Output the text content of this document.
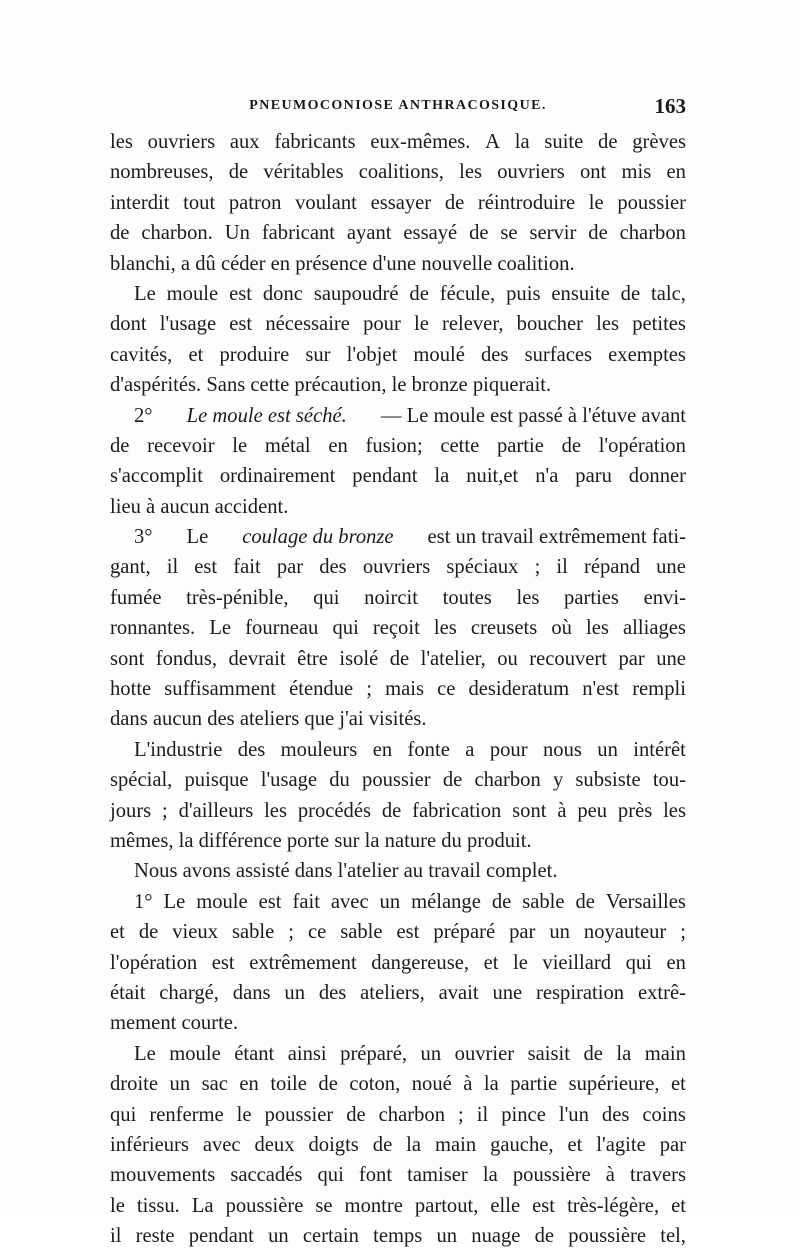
PNEUMOCONIOSE ANTHRACOSIQUE.	163
les ouvriers aux fabricants eux-mêmes. A la suite de grèves
nombreuses, de véritables coalitions, les ouvriers ont mis en
interdit tout patron voulant essayer de réintroduire le poussier
de charbon. Un fabricant ayant essayé de se servir de charbon
blanchi, a dû céder en présence d'une nouvelle coalition.
Le moule est donc saupoudré de fécule, puis ensuite de talc,
dont l'usage est nécessaire pour le relever, boucher les petites
cavités, et produire sur l'objet moulé des surfaces exemptes
d'aspérités. Sans cette précaution, le bronze piquerait.
2° Le moule est séché. — Le moule est passé à l'étuve avant
de recevoir le métal en fusion; cette partie de l'opération
s'accomplit ordinairement pendant la nuit,et n'a paru donner
lieu à aucun accident.
3° Le coulage du bronze est un travail extrêmement fati-
gant, il est fait par des ouvriers spéciaux ; il répand une
fumée très-pénible, qui noircit toutes les parties envi-
ronnantes. Le fourneau qui reçoit les creusets où les alliages
sont fondus, devrait être isolé de l'atelier, ou recouvert par une
hotte suffisamment étendue ; mais ce desideratum n'est rempli
dans aucun des ateliers que j'ai visités.
L'industrie des mouleurs en fonte a pour nous un intérêt
spécial, puisque l'usage du poussier de charbon y subsiste tou-
jours ; d'ailleurs les procédés de fabrication sont à peu près les
mêmes, la différence porte sur la nature du produit.
Nous avons assisté dans l'atelier au travail complet.
1° Le moule est fait avec un mélange de sable de Versailles
et de vieux sable ; ce sable est préparé par un noyauteur ;
l'opération est extrêmement dangereuse, et le vieillard qui en
était chargé, dans un des ateliers, avait une respiration extrê-
mement courte.
Le moule étant ainsi préparé, un ouvrier saisit de la main
droite un sac en toile de coton, noué à la partie supérieure, et
qui renferme le poussier de charbon ; il pince l'un des coins
inférieurs avec deux doigts de la main gauche, et l'agite par
mouvements saccadés qui font tamiser la poussière à travers
le tissu. La poussière se montre partout, elle est très-légère, et
il reste pendant un certain temps un nuage de poussière tel,
